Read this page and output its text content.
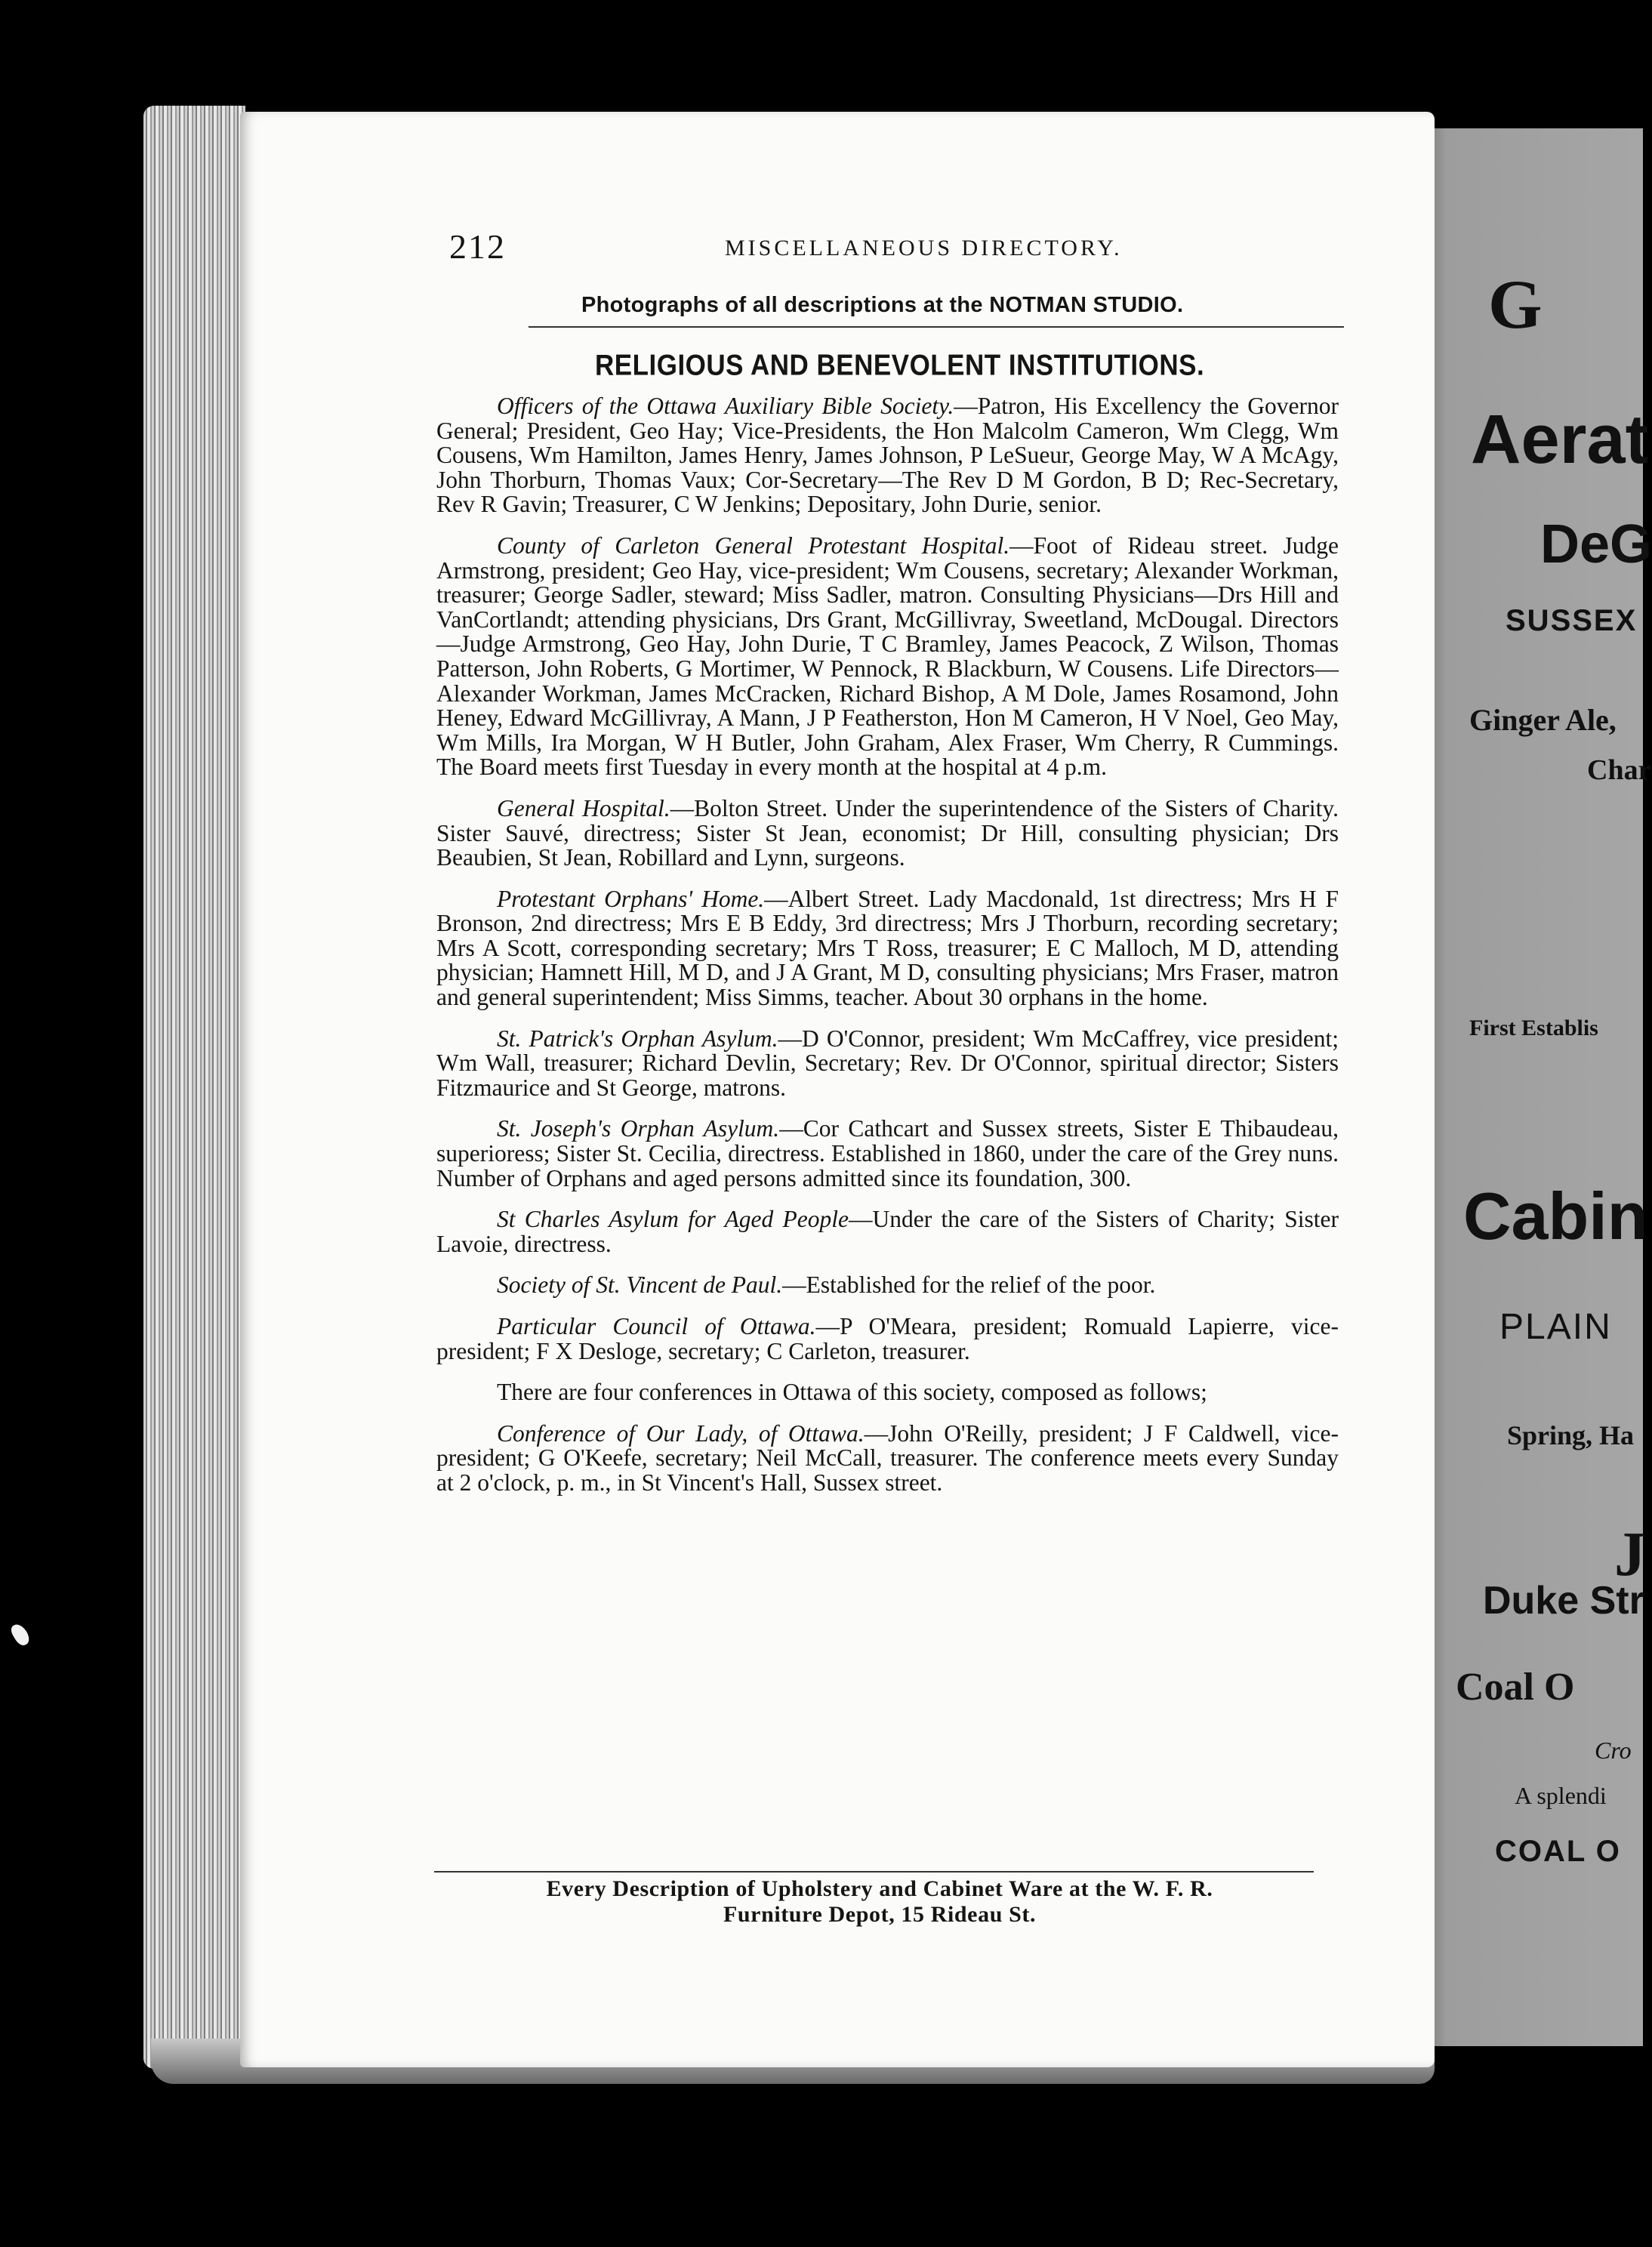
G
Aerat
DeG
SUSSEX
Ginger Ale,
Char
First Establis
Cabin
PLAIN
Spring, Ha
J
Duke Str
Coal O
Cro
A splendi
COAL O
212	MISCELLANEOUS DIRECTORY.
Photographs of all descriptions at the NOTMAN STUDIO.
RELIGIOUS AND BENEVOLENT INSTITUTIONS.

Officers of the Ottawa Auxiliary Bible Society.—Patron, His Excellency the Governor General; President, Geo Hay; Vice-Presidents, the Hon Malcolm Cameron, Wm Clegg, Wm Cousens, Wm Hamilton, James Henry, James Johnson, P LeSueur, George May, W A McAgy, John Thorburn, Thomas Vaux; Cor-Secretary—The Rev D M Gordon, B D; Rec-Secretary, Rev R Gavin; Treasurer, C W Jenkins; Depositary, John Durie, senior.

County of Carleton General Protestant Hospital.—Foot of Rideau street. Judge Armstrong, president; Geo Hay, vice-president; Wm Cousens, secretary; Alexander Workman, treasurer; George Sadler, steward; Miss Sadler, matron. Consulting Physicians—Drs Hill and VanCortlandt; attending physicians, Drs Grant, McGillivray, Sweetland, McDougal. Directors—Judge Armstrong, Geo Hay, John Durie, T C Bramley, James Peacock, Z Wilson, Thomas Patterson, John Roberts, G Mortimer, W Pennock, R Blackburn, W Cousens. Life Directors—Alexander Workman, James McCracken, Richard Bishop, A M Dole, James Rosamond, John Heney, Edward McGillivray, A Mann, J P Featherston, Hon M Cameron, H V Noel, Geo May, Wm Mills, Ira Morgan, W H Butler, John Graham, Alex Fraser, Wm Cherry, R Cummings. The Board meets first Tuesday in every month at the hospital at 4 p.m.

General Hospital.—Bolton Street. Under the superintendence of the Sisters of Charity. Sister Sauvé, directress; Sister St Jean, economist; Dr Hill, consulting physician; Drs Beaubien, St Jean, Robillard and Lynn, surgeons.

Protestant Orphans' Home.—Albert Street. Lady Macdonald, 1st directress; Mrs H F Bronson, 2nd directress; Mrs E B Eddy, 3rd directress; Mrs J Thorburn, recording secretary; Mrs A Scott, corresponding secretary; Mrs T Ross, treasurer; E C Malloch, M D, attending physician; Hamnett Hill, M D, and J A Grant, M D, consulting physicians; Mrs Fraser, matron and general superintendent; Miss Simms, teacher. About 30 orphans in the home.

St. Patrick's Orphan Asylum.—D O'Connor, president; Wm McCaffrey, vice president; Wm Wall, treasurer; Richard Devlin, Secretary; Rev. Dr O'Connor, spiritual director; Sisters Fitzmaurice and St George, matrons.

St. Joseph's Orphan Asylum.—Cor Cathcart and Sussex streets, Sister E Thibaudeau, superioress; Sister St. Cecilia, directress. Established in 1860, under the care of the Grey nuns. Number of Orphans and aged persons admitted since its foundation, 300.

St Charles Asylum for Aged People—Under the care of the Sisters of Charity; Sister Lavoie, directress.

Society of St. Vincent de Paul.—Established for the relief of the poor.

Particular Council of Ottawa.—P O'Meara, president; Romuald Lapierre, vice-president; F X Desloge, secretary; C Carleton, treasurer.

There are four conferences in Ottawa of this society, composed as follows;

Conference of Our Lady, of Ottawa.—John O'Reilly, president; J F Caldwell, vice-president; G O'Keefe, secretary; Neil McCall, treasurer. The conference meets every Sunday at 2 o'clock, p. m., in St Vincent's Hall, Sussex street.

Every Description of Upholstery and Cabinet Ware at the W. F. R.
Furniture Depot, 15 Rideau St.
